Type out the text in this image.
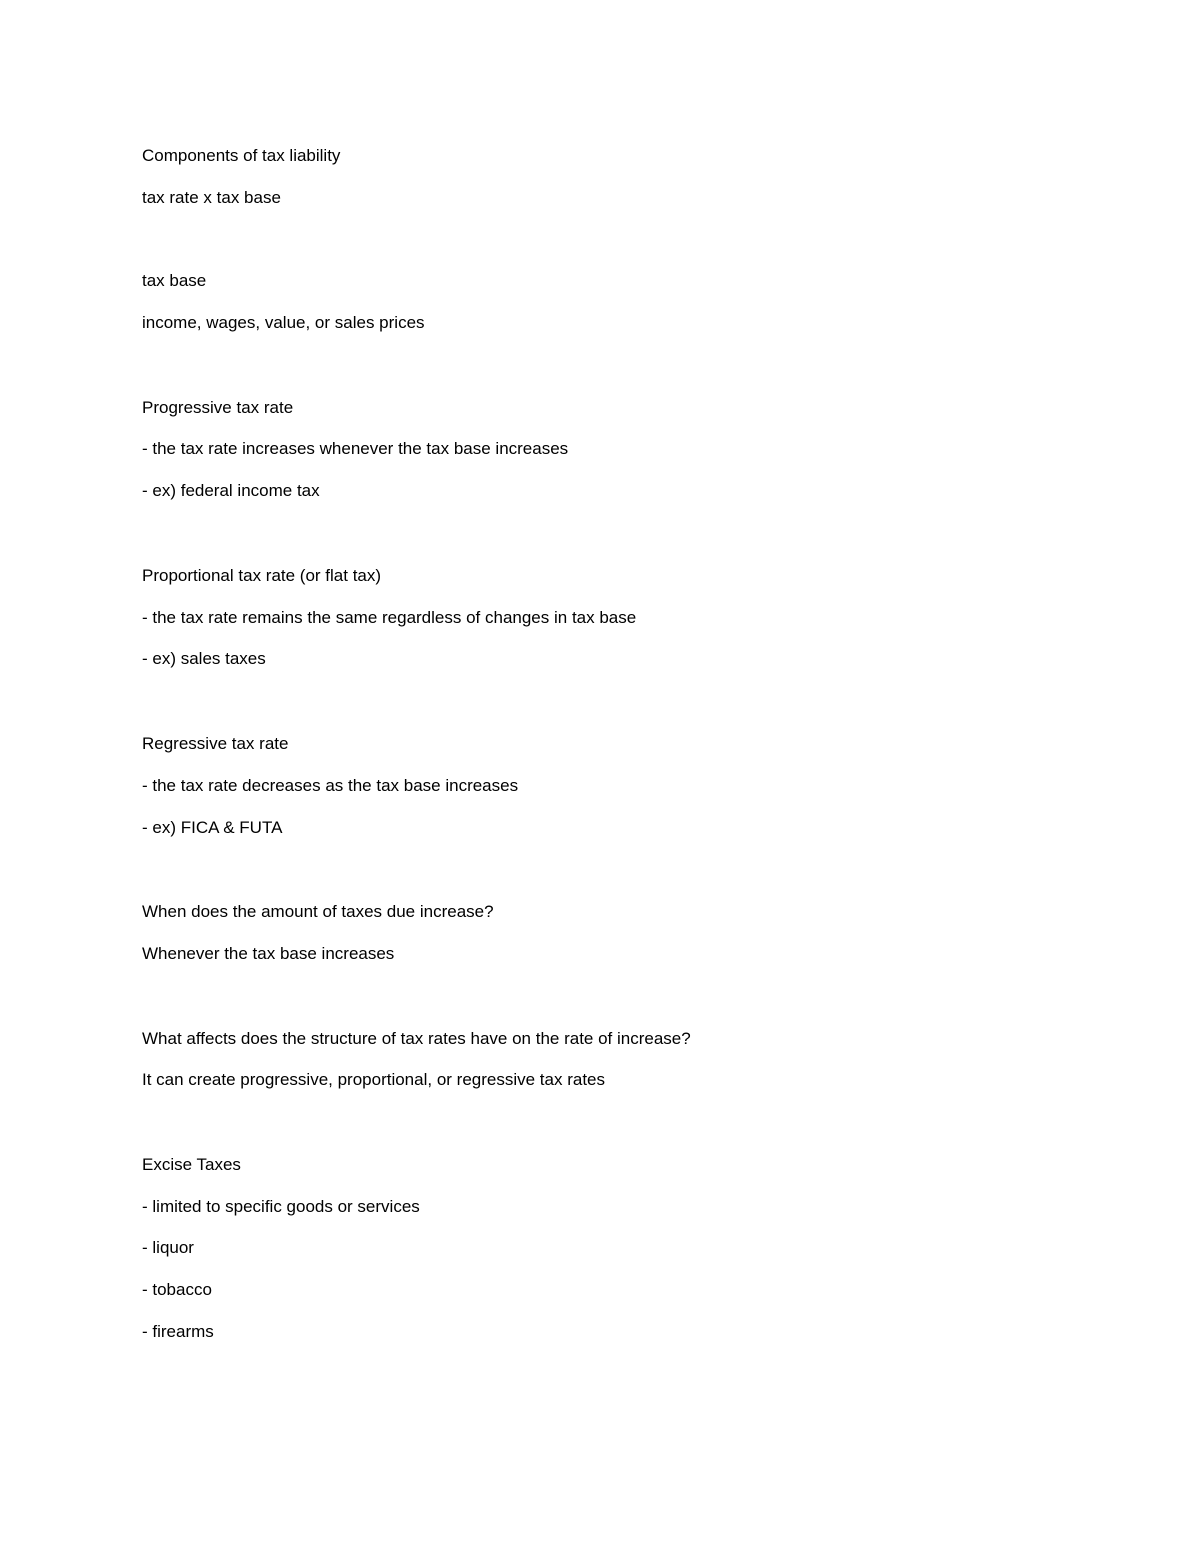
Components of tax liability

tax rate x tax base

tax base

income, wages, value, or sales prices

Progressive tax rate

- the tax rate increases whenever the tax base increases

- ex) federal income tax

Proportional tax rate (or flat tax)

- the tax rate remains the same regardless of changes in tax base

- ex) sales taxes

Regressive tax rate

- the tax rate decreases as the tax base increases

- ex) FICA & FUTA

When does the amount of taxes due increase?

Whenever the tax base increases

What affects does the structure of tax rates have on the rate of increase?

It can create progressive, proportional, or regressive tax rates

Excise Taxes

- limited to specific goods or services

- liquor

- tobacco

- firearms
